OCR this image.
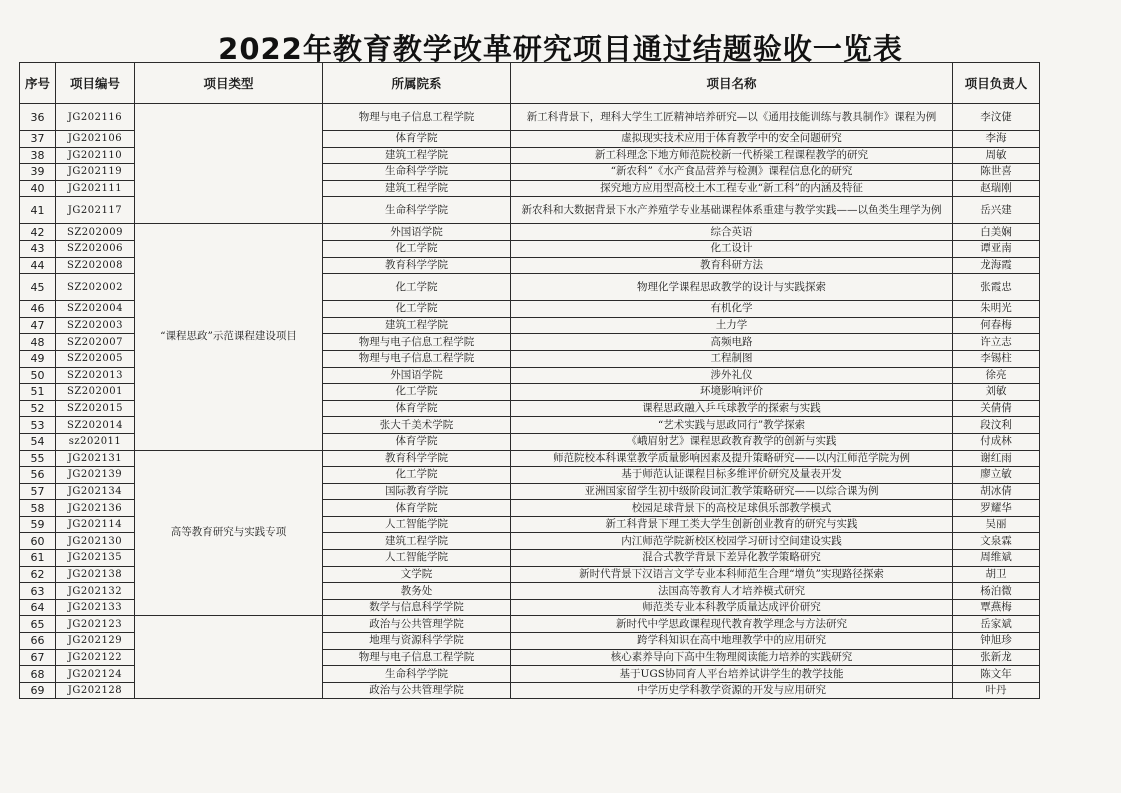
2022年教育教学改革研究项目通过结题验收一览表
序号	项目编号	项目类型	所属院系	项目名称	项目负责人
36	JG202116		物理与电子信息工程学院	新工科背景下，理科大学生工匠精神培养研究—以《通用技能训练与教具制作》课程为例	李汶倢
37	JG202106		体育学院	虚拟现实技术应用于体育教学中的安全问题研究	李海
38	JG202110		建筑工程学院	新工科理念下地方师范院校新一代桥梁工程课程教学的研究	周敏
39	JG202119		生命科学学院	“新农科”《水产食品营养与检测》课程信息化的研究	陈世喜
40	JG202111		建筑工程学院	探究地方应用型高校土木工程专业“新工科”的内涵及特征	赵瑞刚
41	JG202117		生命科学学院	新农科和大数据背景下水产养殖学专业基础课程体系重建与教学实践——以鱼类生理学为例	岳兴建
42	SZ202009	“课程思政”示范课程建设项目	外国语学院	综合英语	白美娴
43	SZ202006		化工学院	化工设计	谭亚南
44	SZ202008		教育科学学院	教育科研方法	龙海霞
45	SZ202002		化工学院	物理化学课程思政教学的设计与实践探索	张霞忠
46	SZ202004		化工学院	有机化学	朱明光
47	SZ202003		建筑工程学院	土力学	何春梅
48	SZ202007		物理与电子信息工程学院	高频电路	许立志
49	SZ202005		物理与电子信息工程学院	工程制图	李锡柱
50	SZ202013		外国语学院	涉外礼仪	徐亮
51	SZ202001		化工学院	环境影响评价	刘敏
52	SZ202015		体育学院	课程思政融入乒乓球教学的探索与实践	关倩倩
53	SZ202014		张大千美术学院	“艺术实践与思政同行”教学探索	段汶利
54	sz202011		体育学院	《峨眉射艺》课程思政教育教学的创新与实践	付成林
55	JG202131	高等教育研究与实践专项	教育科学学院	师范院校本科课堂教学质量影响因素及提升策略研究——以内江师范学院为例	谢红雨
56	JG202139		化工学院	基于师范认证课程目标多维评价研究及量表开发	廖立敏
57	JG202134		国际教育学院	亚洲国家留学生初中级阶段词汇教学策略研究——以综合课为例	胡冰倩
58	JG202136		体育学院	校园足球背景下的高校足球俱乐部教学模式	罗耀华
59	JG202114		人工智能学院	新工科背景下理工类大学生创新创业教育的研究与实践	吴丽
60	JG202130		建筑工程学院	内江师范学院新校区校园学习研讨空间建设实践	文泉霖
61	JG202135		人工智能学院	混合式教学背景下差异化教学策略研究	周维斌
62	JG202138		文学院	新时代背景下汉语言文学专业本科师范生合理“增负”实现路径探索	胡卫
63	JG202132		教务处	法国高等教育人才培养模式研究	杨泊微
64	JG202133		数学与信息科学学院	师范类专业本科教学质量达成评价研究	覃燕梅
65	JG202123		政治与公共管理学院	新时代中学思政课程现代教育教学理念与方法研究	岳家斌
66	JG202129		地理与资源科学学院	跨学科知识在高中地理教学中的应用研究	钟旭珍
67	JG202122		物理与电子信息工程学院	核心素养导向下高中生物理阅读能力培养的实践研究	张新龙
68	JG202124		生命科学学院	基于UGS协同育人平台培养试讲学生的教学技能	陈文年
69	JG202128		政治与公共管理学院	中学历史学科教学资源的开发与应用研究	叶丹
